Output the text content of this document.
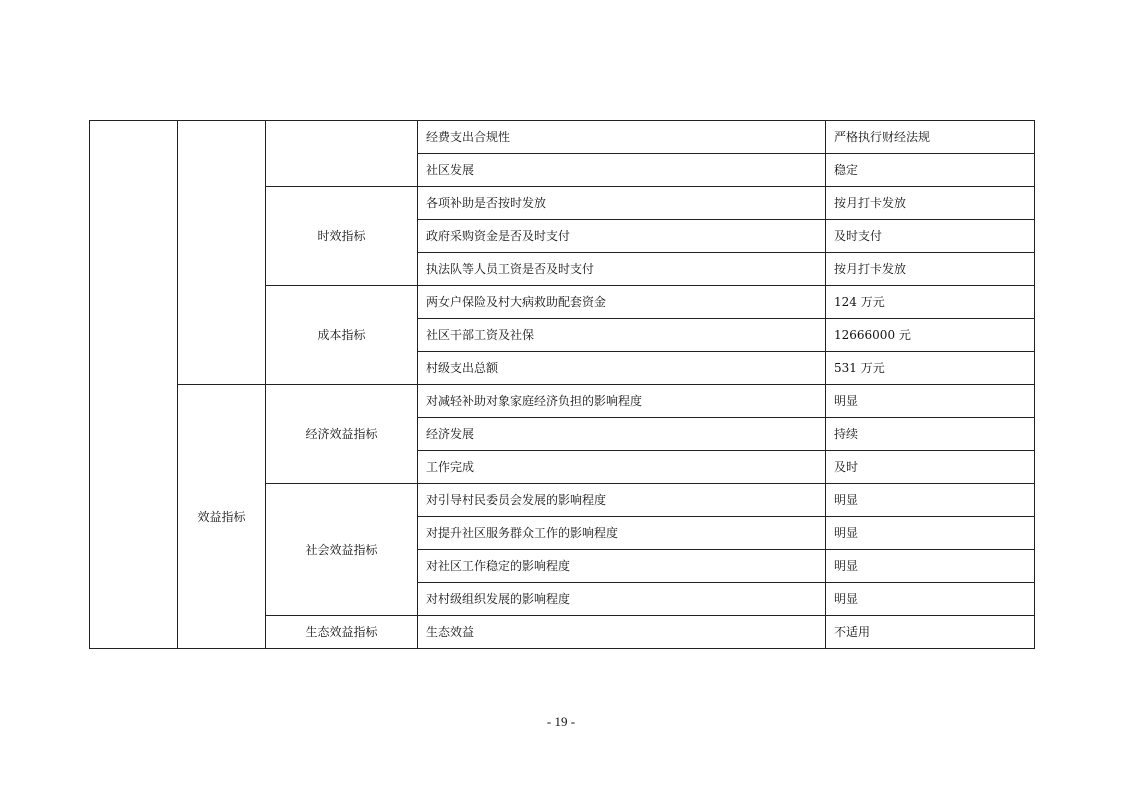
			经费支出合规性	严格执行财经法规
			社区发展	稳定
		时效指标	各项补助是否按时发放	按月打卡发放
			政府采购资金是否及时支付	及时支付
			执法队等人员工资是否及时支付	按月打卡发放
		成本指标	两女户保险及村大病救助配套资金	124 万元
			社区干部工资及社保	12666000 元
			村级支出总额	531 万元
	效益指标	经济效益指标	对减轻补助对象家庭经济负担的影响程度	明显
			经济发展	持续
			工作完成	及时
		社会效益指标	对引导村民委员会发展的影响程度	明显
			对提升社区服务群众工作的影响程度	明显
			对社区工作稳定的影响程度	明显
			对村级组织发展的影响程度	明显
		生态效益指标	生态效益	不适用
- 19 -
